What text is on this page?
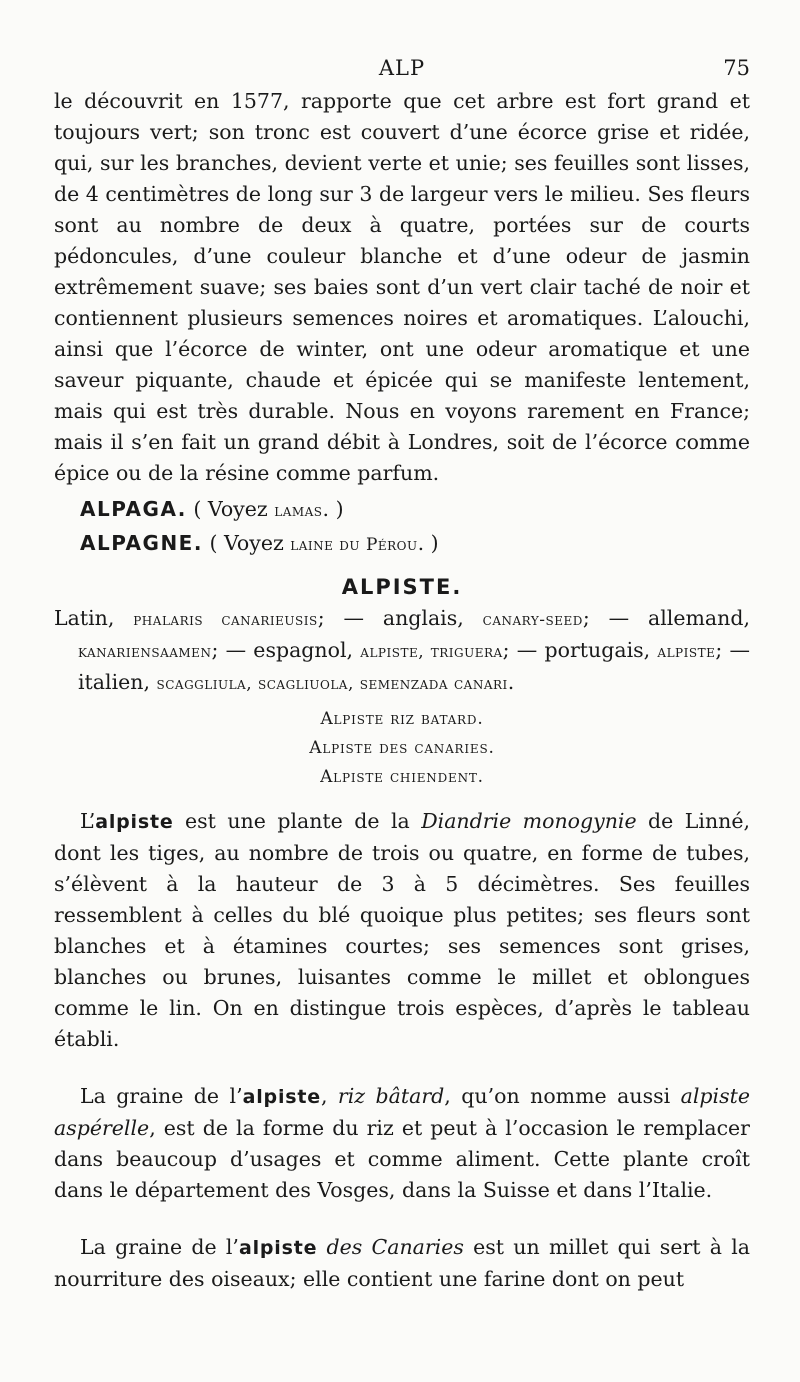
ALP	75

le découvrit en 1577, rapporte que cet arbre est fort grand et toujours vert; son tronc est couvert d’une écorce grise et ridée, qui, sur les branches, devient verte et unie; ses feuilles sont lisses, de 4 centimètres de long sur 3 de largeur vers le milieu. Ses fleurs sont au nombre de deux à quatre, portées sur de courts pédoncules, d’une couleur blanche et d’une odeur de jasmin extrêmement suave; ses baies sont d’un vert clair taché de noir et contiennent plusieurs semences noires et aromatiques. L’alouchi, ainsi que l’écorce de winter, ont une odeur aromatique et une saveur piquante, chaude et épicée qui se manifeste lentement, mais qui est très durable. Nous en voyons rarement en France; mais il s’en fait un grand débit à Londres, soit de l’écorce comme épice ou de la résine comme parfum.

ALPAGA. ( Voyez lamas. )
ALPAGNE. ( Voyez laine du Pérou. )
ALPISTE.

Latin, phalaris canarieusis; — anglais, canary-seed; — allemand, kanariensaamen; — espagnol, alpiste, triguera; — portugais, alpiste; — italien, scaggliula, scagliuola, semenzada canari.

Alpiste riz batard.
Alpiste des canaries.
Alpiste chiendent.

L’alpiste est une plante de la Diandrie monogynie de Linné, dont les tiges, au nombre de trois ou quatre, en forme de tubes, s’élèvent à la hauteur de 3 à 5 décimètres. Ses feuilles ressemblent à celles du blé quoique plus petites; ses fleurs sont blanches et à étamines courtes; ses semences sont grises, blanches ou brunes, luisantes comme le millet et oblongues comme le lin. On en distingue trois espèces, d’après le tableau établi.

La graine de l’alpiste, riz bâtard, qu’on nomme aussi alpiste aspérelle, est de la forme du riz et peut à l’occasion le remplacer dans beaucoup d’usages et comme aliment. Cette plante croît dans le département des Vosges, dans la Suisse et dans l’Italie.

La graine de l’alpiste des Canaries est un millet qui sert à la nourriture des oiseaux; elle contient une farine dont on peut
